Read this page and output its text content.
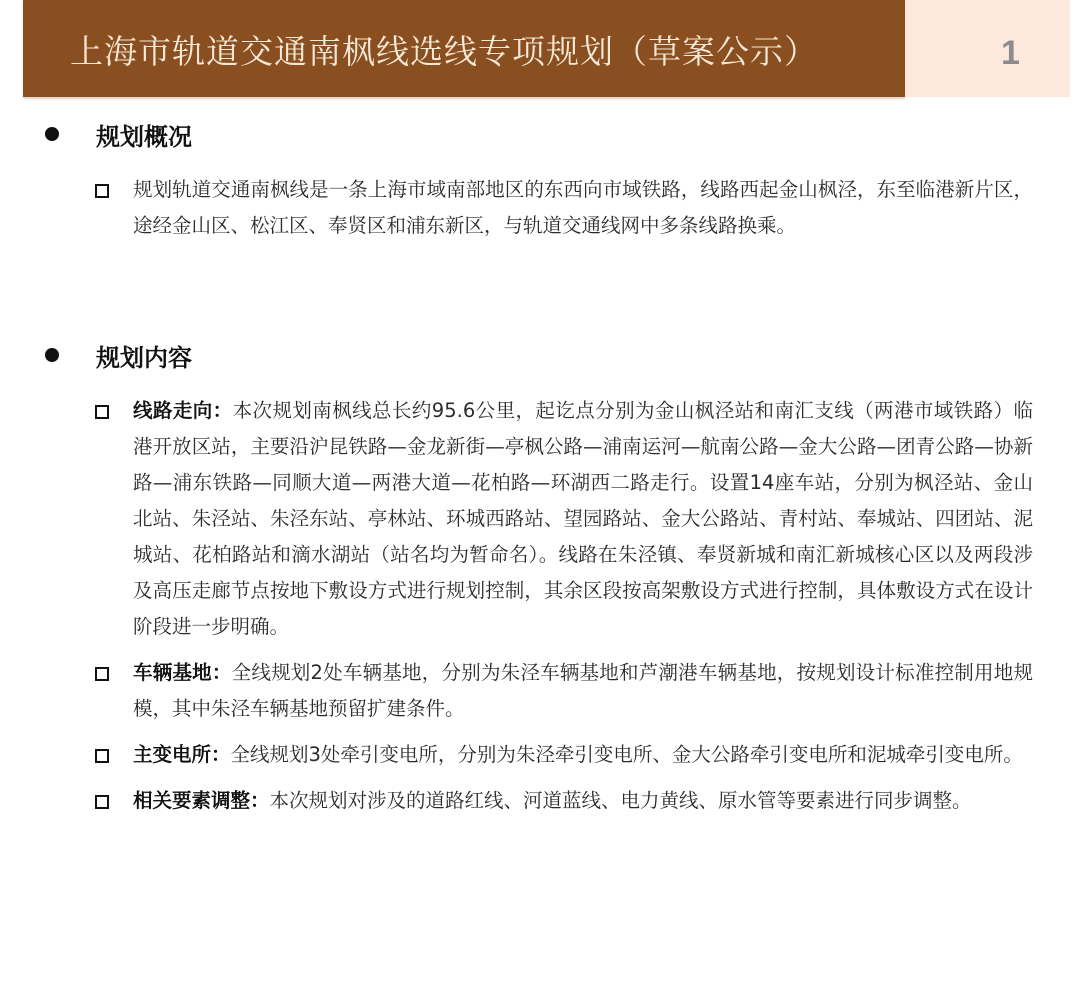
上海市轨道交通南枫线选线专项规划（草案公示）	1
规划概况
规划轨道交通南枫线是一条上海市域南部地区的东西向市域铁路，线路西起金山枫泾，东至临港新片区，途经金山区、松江区、奉贤区和浦东新区，与轨道交通线网中多条线路换乘。
规划内容
线路走向：本次规划南枫线总长约95.6公里，起讫点分别为金山枫泾站和南汇支线（两港市域铁路）临港开放区站，主要沿沪昆铁路—金龙新街—亭枫公路—浦南运河—航南公路—金大公路—团青公路—协新路—浦东铁路—同顺大道—两港大道—花柏路—环湖西二路走行。设置14座车站，分别为枫泾站、金山北站、朱泾站、朱泾东站、亭林站、环城西路站、望园路站、金大公路站、青村站、奉城站、四团站、泥城站、花柏路站和滴水湖站（站名均为暂命名）。线路在朱泾镇、奉贤新城和南汇新城核心区以及两段涉及高压走廊节点按地下敷设方式进行规划控制，其余区段按高架敷设方式进行控制，具体敷设方式在设计阶段进一步明确。
车辆基地：全线规划2处车辆基地，分别为朱泾车辆基地和芦潮港车辆基地，按规划设计标准控制用地规模，其中朱泾车辆基地预留扩建条件。
主变电所：全线规划3处牵引变电所，分别为朱泾牵引变电所、金大公路牵引变电所和泥城牵引变电所。
相关要素调整：本次规划对涉及的道路红线、河道蓝线、电力黄线、原水管等要素进行同步调整。
